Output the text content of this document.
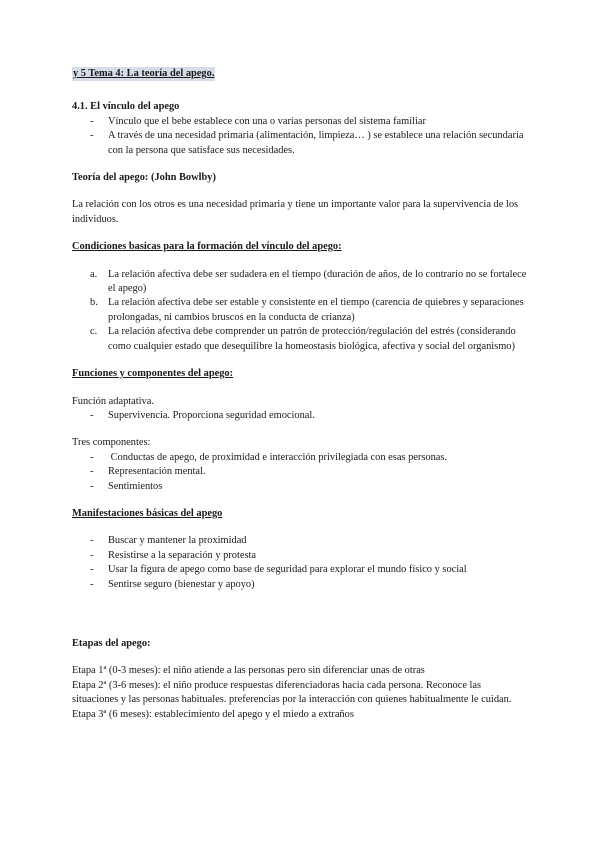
y 5 Tema 4: La teoría del apego.

4.1. El vínculo del apego

- Vínculo que el bebe establece con una o varias personas del sistema familiar
- A través de una necesidad primaria (alimentación, limpieza… ) se establece una relación secundaria con la persona que satisface sus necesidades.

Teoría del apego: (John Bowlby)

La relación con los otros es una necesidad primaria y tiene un importante valor para la supervivencia de los individuos.

Condiciones basicas para la formación del vínculo del apego:

a. La relación afectiva debe ser sudadera en el tiempo (duración de años, de lo contrario no se fortalece el apego)
b. La relación afectiva debe ser estable y consistente en el tiempo (carencia de quiebres y separaciones prolongadas, ni cambios bruscos en la conducta de crianza)
c. La relación afectiva debe comprender un patrón de protección/regulación del estrés (considerando como cualquier estado que desequilibre la homeostasis biológica, afectiva y social del organismo)

Funciones y componentes del apego:

Función adaptativa.

- Supervivencia. Proporciona seguridad emocional.

Tres componentes:

-  Conductas de apego, de proximidad e interacción privilegiada con esas personas.
- Representación mental.
- Sentimientos

Manifestaciones básicas del apego

- Buscar y mantener la proximidad
- Resistirse a la separación y protesta
- Usar la figura de apego como base de seguridad para explorar el mundo físico y social
- Sentirse seguro (bienestar y apoyo)

Etapas del apego:

Etapa 1ª (0-3 meses): el niño atiende a las personas pero sin diferenciar unas de otras

Etapa 2ª (3-6 meses): el niño produce respuestas diferenciadoras hacia cada persona. Reconoce las situaciones y las personas habituales. preferencias por la interacción con quienes habitualmente le cuidan.

Etapa 3ª (6 meses): establecimiento del apego y el miedo a extraños
